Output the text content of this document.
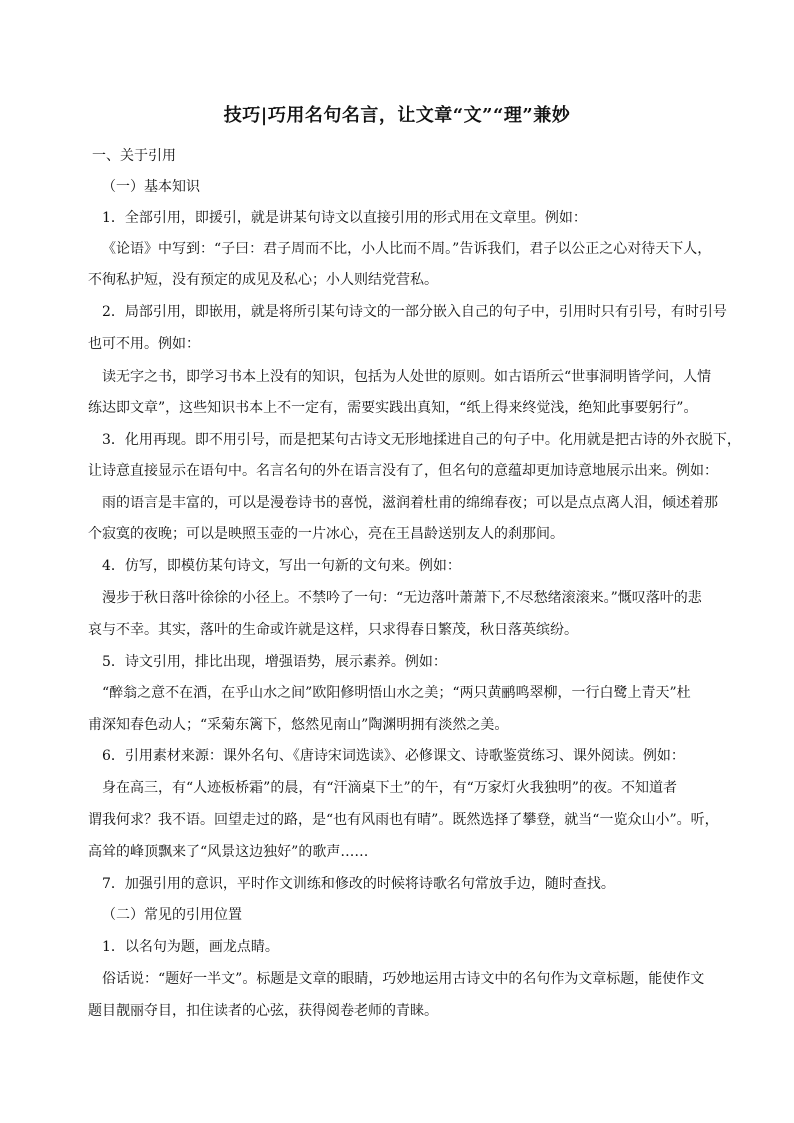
技巧|巧用名句名言，让文章“文”“理”兼妙
一、关于引用
（一）基本知识
1．全部引用，即援引，就是讲某句诗文以直接引用的形式用在文章里。例如：
《论语》中写到：“子曰：君子周而不比，小人比而不周。”告诉我们，君子以公正之心对待天下人，
不徇私护短，没有预定的成见及私心；小人则结党营私。
2．局部引用，即嵌用，就是将所引某句诗文的一部分嵌入自己的句子中，引用时只有引号，有时引号
也可不用。例如：
读无字之书，即学习书本上没有的知识，包括为人处世的原则。如古语所云“世事洞明皆学问，人情
练达即文章”，这些知识书本上不一定有，需要实践出真知，“纸上得来终觉浅，绝知此事要躬行”。
3．化用再现。即不用引号，而是把某句古诗文无形地揉进自己的句子中。化用就是把古诗的外衣脱下，
让诗意直接显示在语句中。名言名句的外在语言没有了，但名句的意蕴却更加诗意地展示出来。例如：
雨的语言是丰富的，可以是漫卷诗书的喜悦，滋润着杜甫的绵绵春夜；可以是点点离人泪，倾述着那
个寂寞的夜晚；可以是映照玉壶的一片冰心，亮在王昌龄送别友人的刹那间。
4．仿写，即模仿某句诗文，写出一句新的文句来。例如：
漫步于秋日落叶徐徐的小径上。不禁吟了一句：“无边落叶萧萧下,不尽愁绪滚滚来。”慨叹落叶的悲
哀与不幸。其实，落叶的生命或许就是这样，只求得春日繁茂，秋日落英缤纷。
5．诗文引用，排比出现，增强语势，展示素养。例如：
“醉翁之意不在酒，在乎山水之间”欧阳修明悟山水之美；“两只黄鹂鸣翠柳，一行白鹭上青天”杜
甫深知春色动人；“采菊东篱下，悠然见南山”陶渊明拥有淡然之美。
6．引用素材来源：课外名句、《唐诗宋词选读》、必修课文、诗歌鉴赏练习、课外阅读。例如：
身在高三，有“人迹板桥霜”的晨，有“汗滴桌下土”的午，有“万家灯火我独明”的夜。不知道者
谓我何求？我不语。回望走过的路，是“也有风雨也有晴”。既然选择了攀登，就当“一览众山小”。听，
高耸的峰顶飘来了“风景这边独好”的歌声……
7．加强引用的意识，平时作文训练和修改的时候将诗歌名句常放手边，随时查找。
（二）常见的引用位置
1．以名句为题，画龙点睛。
俗话说：“题好一半文”。标题是文章的眼睛，巧妙地运用古诗文中的名句作为文章标题，能使作文
题目靓丽夺目，扣住读者的心弦，获得阅卷老师的青睐。
